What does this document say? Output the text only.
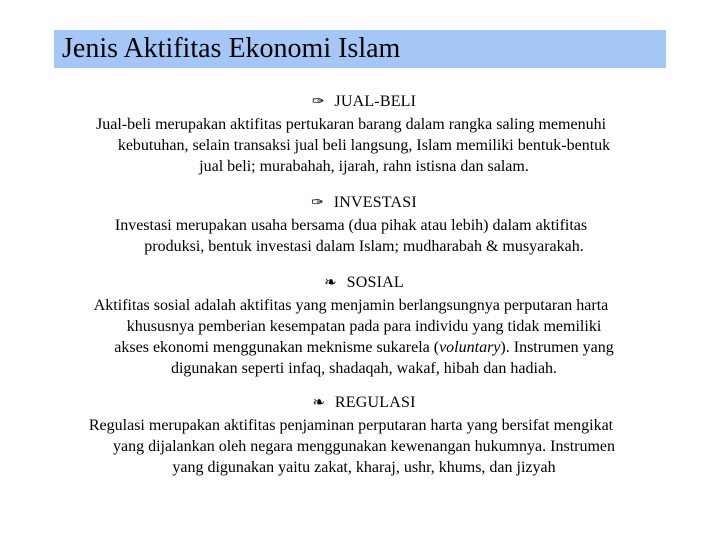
Jenis Aktifitas Ekonomi Islam
✑ JUAL-BELI
Jual-beli merupakan aktifitas pertukaran barang dalam rangka saling memenuhi
kebutuhan, selain transaksi jual beli langsung, Islam memiliki bentuk-bentuk
jual beli; murabahah, ijarah, rahn istisna dan salam.
✑ INVESTASI
Investasi merupakan usaha bersama (dua pihak atau lebih) dalam aktifitas
produksi, bentuk investasi dalam Islam; mudharabah & musyarakah.
❧ SOSIAL
Aktifitas sosial adalah aktifitas yang menjamin berlangsungnya perputaran harta
khususnya pemberian kesempatan pada para individu yang tidak memiliki
akses ekonomi menggunakan meknisme sukarela (voluntary). Instrumen yang
digunakan seperti infaq, shadaqah, wakaf, hibah dan hadiah.
❧ REGULASI
Regulasi merupakan aktifitas penjaminan perputaran harta yang bersifat mengikat
yang dijalankan oleh negara menggunakan kewenangan hukumnya. Instrumen
yang digunakan yaitu zakat, kharaj, ushr, khums, dan jizyah
